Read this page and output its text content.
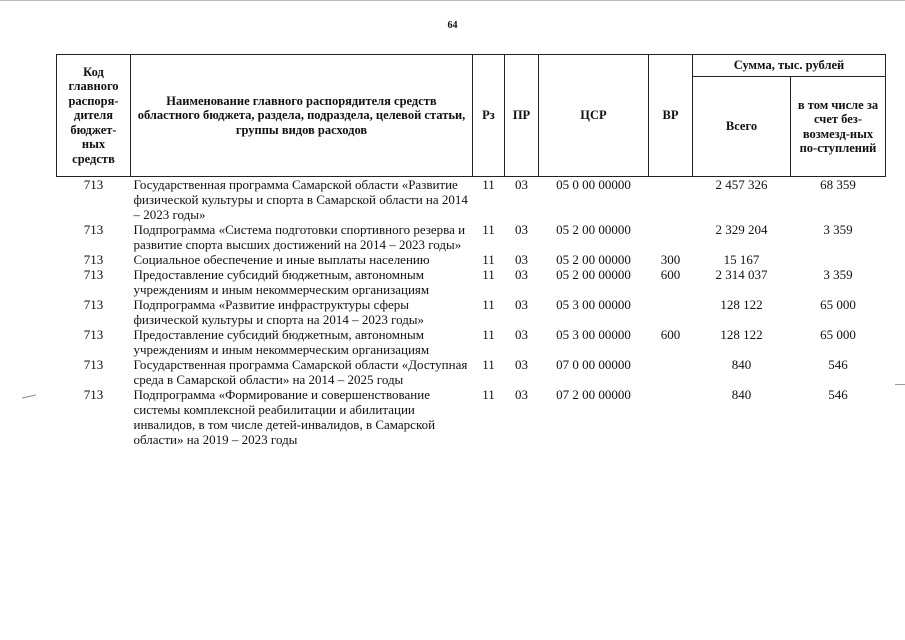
64
Код главного распоря-дителя бюджет-ных средств	Наименование главного распорядителя средств областного бюджета, раздела, подраздела, целевой статьи, группы видов расходов	Рз	ПР	ЦСР	ВР	Сумма, тыс. рублей	
						Всего	в том числе за счет без-возмезд-ных по-ступлений
713	Государственная программа Самарской области «Развитие физической культуры и спорта в Самарской области на 2014 – 2023 годы»	11	03	05 0 00 00000		2 457 326	68 359
713	Подпрограмма «Система подготовки спортивного резерва и развитие спорта высших достижений на 2014 – 2023 годы»	11	03	05 2 00 00000		2 329 204	3 359
713	Социальное обеспечение и иные выплаты населению	11	03	05 2 00 00000	300	15 167	
713	Предоставление субсидий бюджетным, автономным учреждениям и иным некоммерческим организациям	11	03	05 2 00 00000	600	2 314 037	3 359
713	Подпрограмма «Развитие инфраструктуры сферы физической культуры и спорта на 2014 – 2023 годы»	11	03	05 3 00 00000		128 122	65 000
713	Предоставление субсидий бюджетным, автономным учреждениям и иным некоммерческим организациям	11	03	05 3 00 00000	600	128 122	65 000
713	Государственная программа Самарской области «Доступная среда в Самарской области» на 2014 – 2025 годы	11	03	07 0 00 00000		840	546
713	Подпрограмма «Формирование и совершенствование системы комплексной реабилитации и абилитации инвалидов, в том числе детей-инвалидов, в Самарской области» на 2019 – 2023 годы	11	03	07 2 00 00000		840	546
